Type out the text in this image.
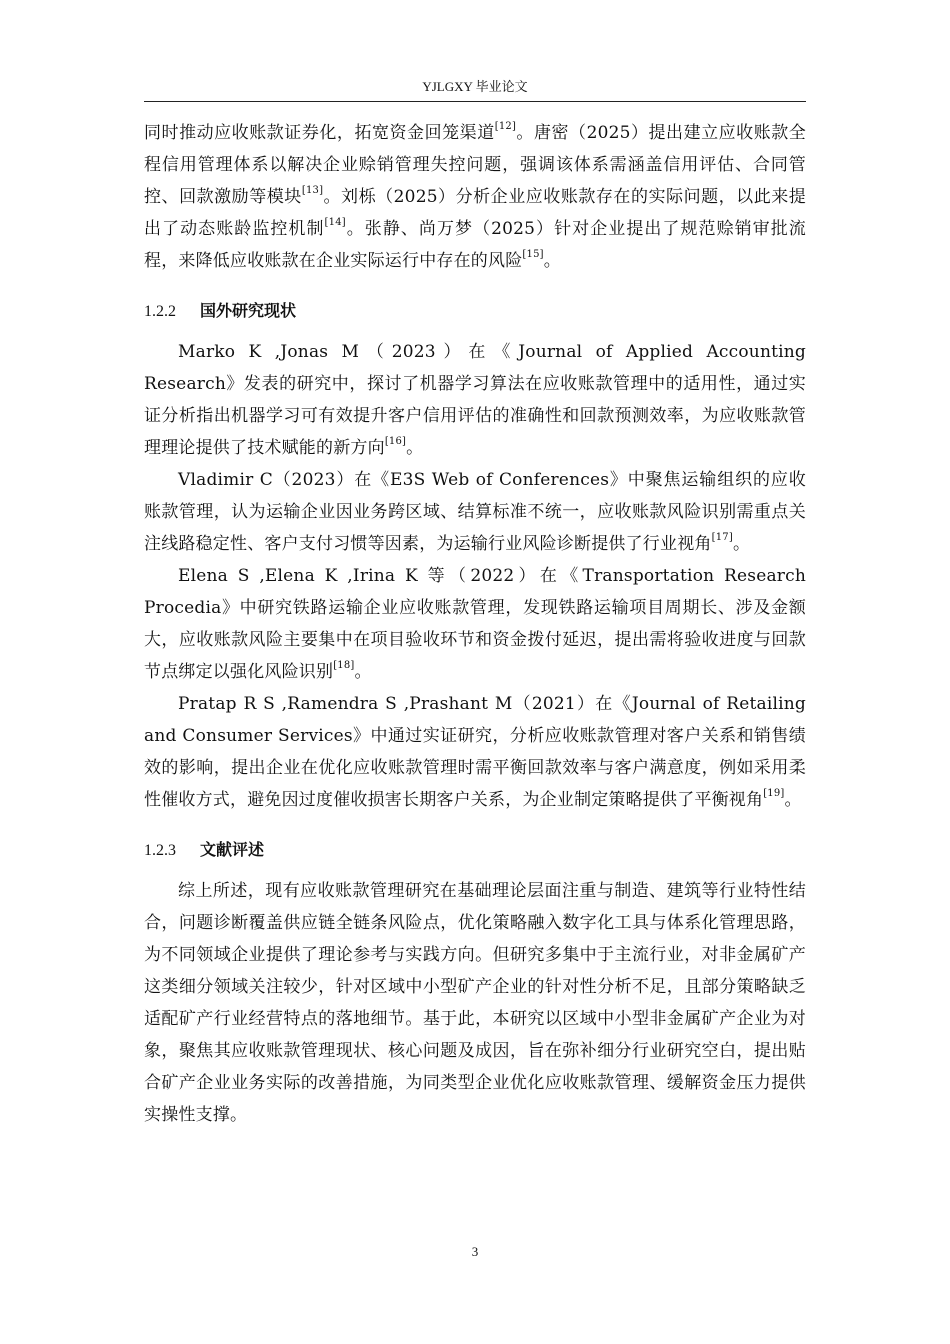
YJLGXY 毕业论文

同时推动应收账款证券化，拓宽资金回笼渠道[12]。唐密（2025）提出建立应收账款全程信用管理体系以解决企业赊销管理失控问题，强调该体系需涵盖信用评估、合同管控、回款激励等模块[13]。刘栎（2025）分析企业应收账款存在的实际问题，以此来提出了动态账龄监控机制[14]。张静、尚万梦（2025）针对企业提出了规范赊销审批流程，来降低应收账款在企业实际运行中存在的风险[15]。

1.2.2 国外研究现状

Marko K ,Jonas M（2023）在《Journal of Applied Accounting Research》发表的研究中，探讨了机器学习算法在应收账款管理中的适用性，通过实证分析指出机器学习可有效提升客户信用评估的准确性和回款预测效率，为应收账款管理理论提供了技术赋能的新方向[16]。

Vladimir C（2023）在《E3S Web of Conferences》中聚焦运输组织的应收账款管理，认为运输企业因业务跨区域、结算标准不统一，应收账款风险识别需重点关注线路稳定性、客户支付习惯等因素，为运输行业风险诊断提供了行业视角[17]。

Elena S ,Elena K ,Irina K 等（2022）在《Transportation Research Procedia》中研究铁路运输企业应收账款管理，发现铁路运输项目周期长、涉及金额大，应收账款风险主要集中在项目验收环节和资金拨付延迟，提出需将验收进度与回款节点绑定以强化风险识别[18]。

Pratap R S ,Ramendra S ,Prashant M（2021）在《Journal of Retailing and Consumer Services》中通过实证研究，分析应收账款管理对客户关系和销售绩效的影响，提出企业在优化应收账款管理时需平衡回款效率与客户满意度，例如采用柔性催收方式，避免因过度催收损害长期客户关系，为企业制定策略提供了平衡视角[19]。

1.2.3 文献评述

综上所述，现有应收账款管理研究在基础理论层面注重与制造、建筑等行业特性结合，问题诊断覆盖供应链全链条风险点，优化策略融入数字化工具与体系化管理思路，为不同领域企业提供了理论参考与实践方向。但研究多集中于主流行业，对非金属矿产这类细分领域关注较少，针对区域中小型矿产企业的针对性分析不足，且部分策略缺乏适配矿产行业经营特点的落地细节。基于此，本研究以区域中小型非金属矿产企业为对象，聚焦其应收账款管理现状、核心问题及成因，旨在弥补细分行业研究空白，提出贴合矿产企业业务实际的改善措施，为同类型企业优化应收账款管理、缓解资金压力提供实操性支撑。

3
